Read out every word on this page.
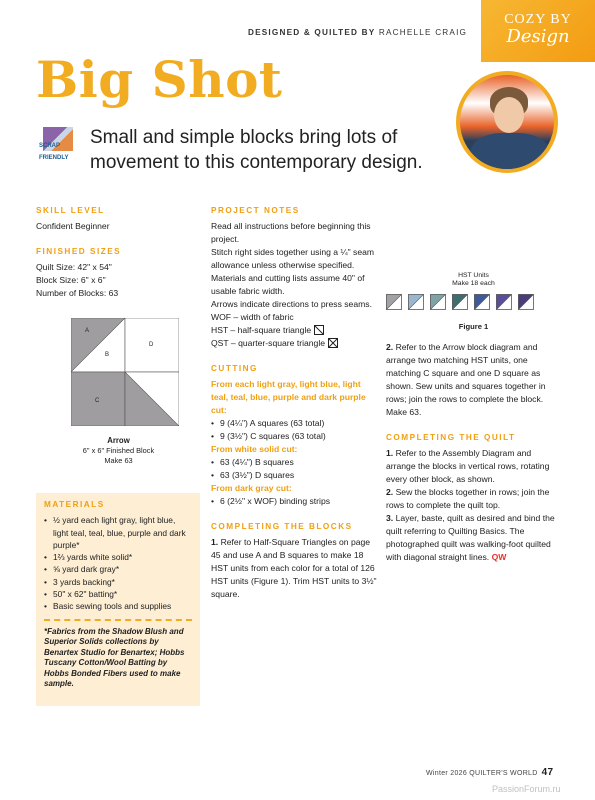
DESIGNED & QUILTED BY RACHELLE CRAIG
COZY BY
Design
Big Shot
SCRAP
FRIENDLY
Small and simple blocks bring lots of movement to this contemporary design.
SKILL LEVEL
Confident Beginner
FINISHED SIZES
Quilt Size: 42" x 54"
Block Size: 6" x 6"
Number of Blocks: 63
A
B
D
C
Arrow
6" x 6" Finished Block
Make 63
MATERIALS
• ½ yard each light gray, light blue, light teal, teal, blue, purple and dark purple*
• 1⅔ yards white solid*
• ⅝ yard dark gray*
• 3 yards backing*
• 50" x 62" batting*
• Basic sewing tools and supplies
*Fabrics from the Shadow Blush and Superior Solids collections by Benartex Studio for Benartex; Hobbs Tuscany Cotton/Wool Batting by Hobbs Bonded Fibers used to make sample.
PROJECT NOTES
Read all instructions before beginning this project.
Stitch right sides together using a ¼" seam allowance unless otherwise specified.
Materials and cutting lists assume 40" of usable fabric width.
Arrows indicate directions to press seams.
WOF – width of fabric
HST – half-square triangle
QST – quarter-square triangle
CUTTING
From each light gray, light blue, light teal, teal, blue, purple and dark purple cut:
• 9 (4¼") A squares (63 total)
• 9 (3½") C squares (63 total)
From white solid cut:
• 63 (4¼") B squares
• 63 (3½") D squares
From dark gray cut:
• 6 (2½" x WOF) binding strips
COMPLETING THE BLOCKS
1. Refer to Half-Square Triangles on page 45 and use A and B squares to make 18 HST units from each color for a total of 126 HST units (Figure 1). Trim HST units to 3½" square.
HST Units
Make 18 each
Figure 1
2. Refer to the Arrow block diagram and arrange two matching HST units, one matching C square and one D square as shown. Sew units and squares together in rows; join the rows to complete the block. Make 63.
COMPLETING THE QUILT
1. Refer to the Assembly Diagram and arrange the blocks in vertical rows, rotating every other block, as shown.
2. Sew the blocks together in rows; join the rows to complete the quilt top.
3. Layer, baste, quilt as desired and bind the quilt referring to Quilting Basics. The photographed quilt was walking-foot quilted with diagonal straight lines. QW
Winter 2026 QUILTER'S WORLD 47
PassionForum.ru
